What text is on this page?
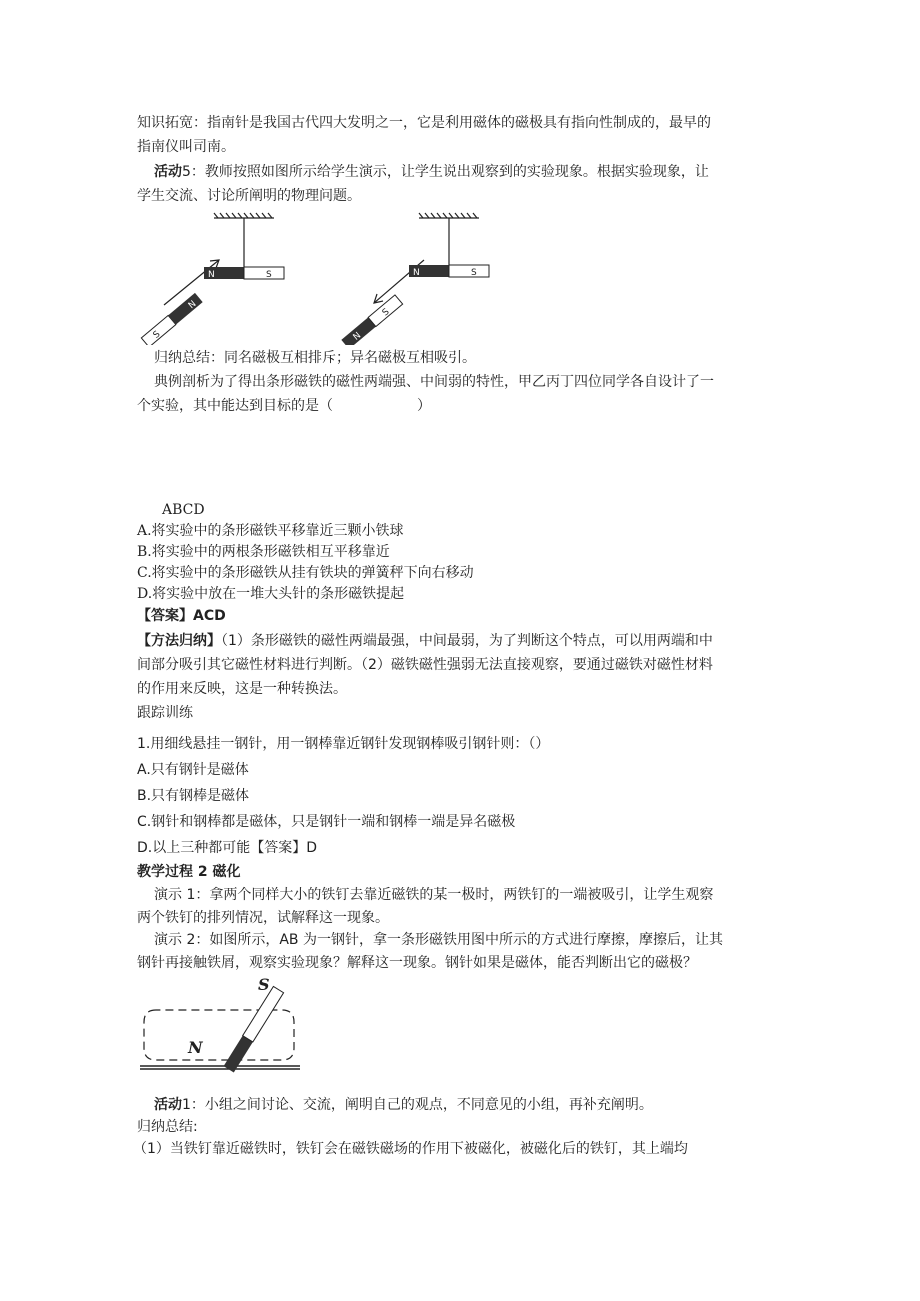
知识拓宽：指南针是我国古代四大发明之一，它是利用磁体的磁极具有指向性制成的，最早的
指南仪叫司南。
活动5：教师按照如图所示给学生演示，让学生说出观察到的实验现象。根据实验现象，让
学生交流、讨论所阐明的物理问题。
N	S
S
N
N	S
N
S
归纳总结：同名磁极互相排斥；异名磁极互相吸引。
典例剖析为了得出条形磁铁的磁性两端强、中间弱的特性，甲乙丙丁四位同学各自设计了一
个实验，其中能达到目标的是（　　　　　　）
ABCD
A.将实验中的条形磁铁平移靠近三颗小铁球
B.将实验中的两根条形磁铁相互平移靠近
C.将实验中的条形磁铁从挂有铁块的弹簧秤下向右移动
D.将实验中放在一堆大头针的条形磁铁提起
【答案】ACD
【方法归纳】（1）条形磁铁的磁性两端最强，中间最弱，为了判断这个特点，可以用两端和中
间部分吸引其它磁性材料进行判断。（2）磁铁磁性强弱无法直接观察，要通过磁铁对磁性材料
的作用来反映，这是一种转换法。
跟踪训练
1.用细线悬挂一钢针，用一钢棒靠近钢针发现钢棒吸引钢针则：（）
A.只有钢针是磁体
B.只有钢棒是磁体
C.钢针和钢棒都是磁体，只是钢针一端和钢棒一端是异名磁极
D.以上三种都可能【答案】D
教学过程 2 磁化
演示 1：拿两个同样大小的铁钉去靠近磁铁的某一极时，两铁钉的一端被吸引，让学生观察
两个铁钉的排列情况，试解释这一现象。
演示 2：如图所示，AB 为一钢针，拿一条形磁铁用图中所示的方式进行摩擦，摩擦后，让其
钢针再接触铁屑，观察实验现象？解释这一现象。钢针如果是磁体，能否判断出它的磁极？
S
N
活动1：小组之间讨论、交流，阐明自己的观点，不同意见的小组，再补充阐明。
归纳总结:
（1）当铁钉靠近磁铁时，铁钉会在磁铁磁场的作用下被磁化，被磁化后的铁钉，其上端均
